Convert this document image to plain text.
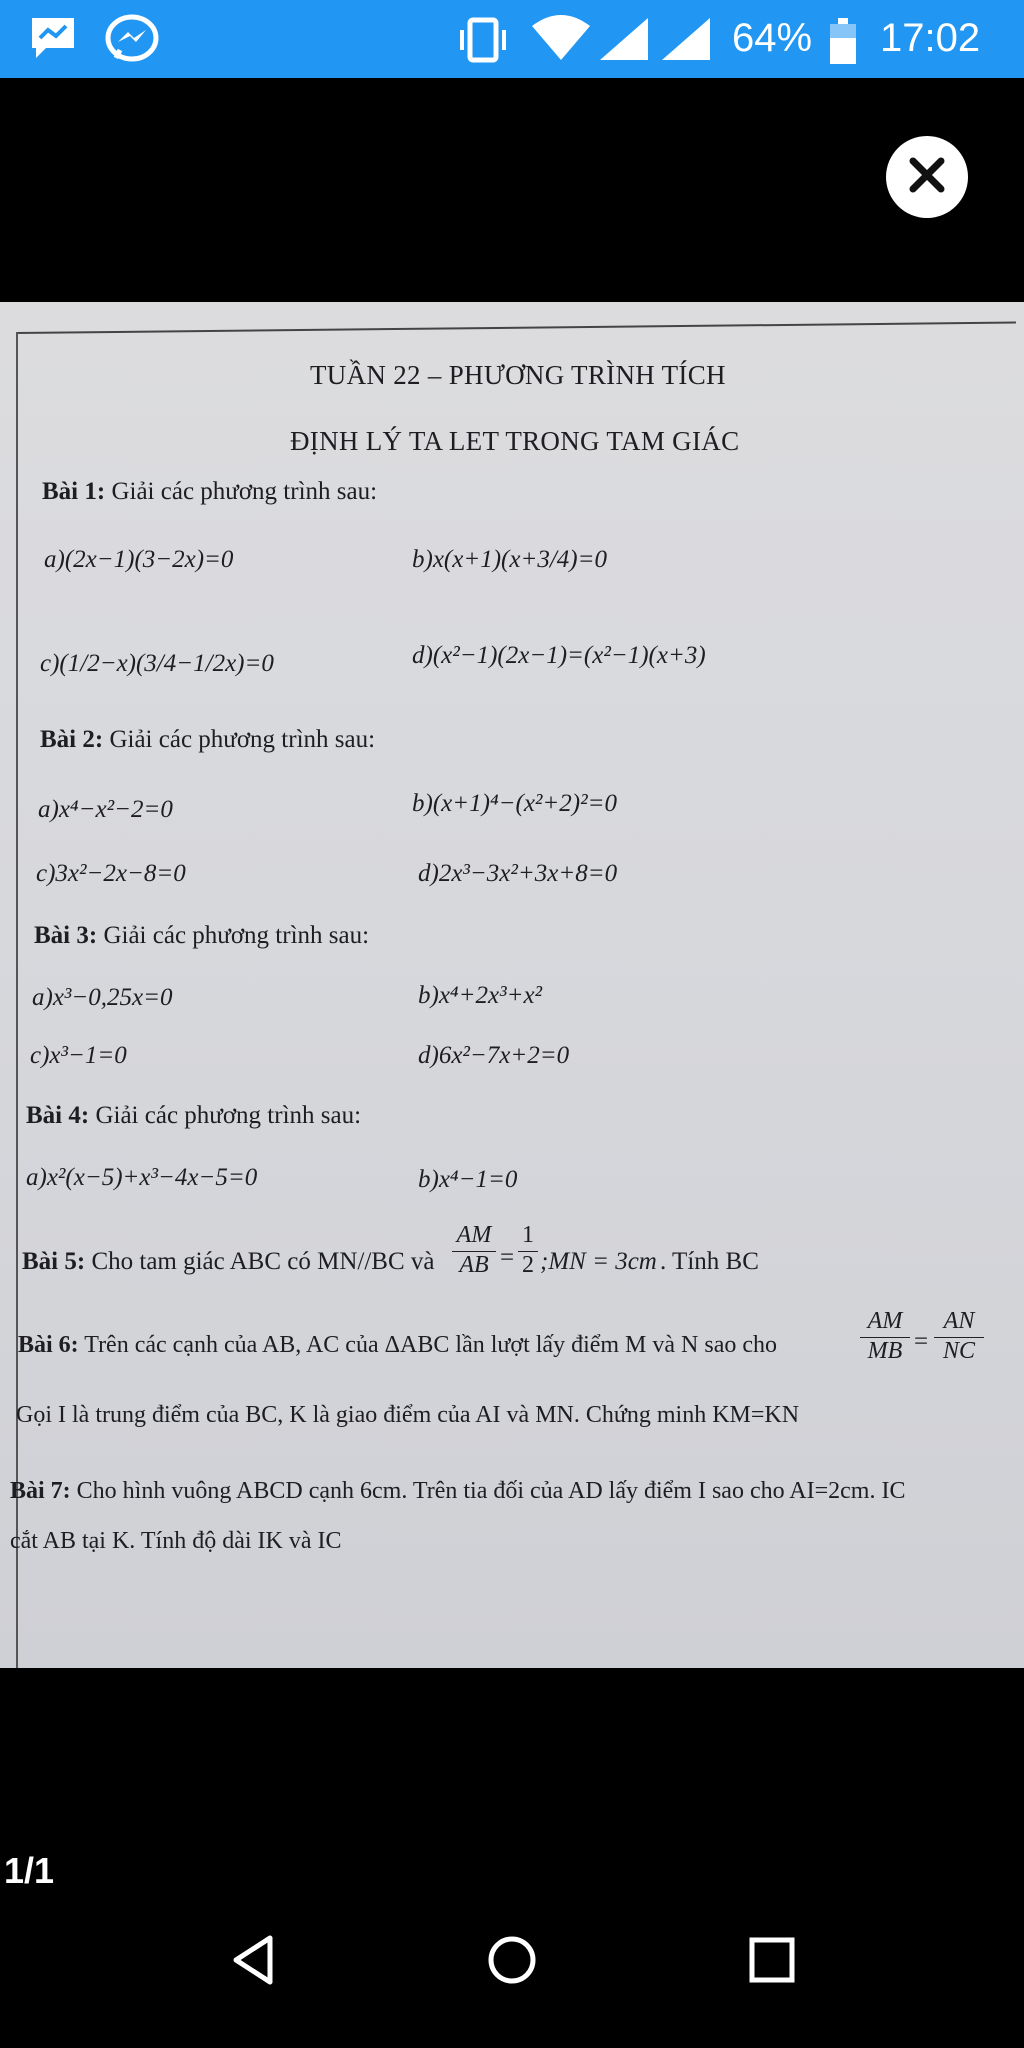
64% 17:02
TUẦN 22 – PHƯƠNG TRÌNH TÍCH
ĐỊNH LÝ TA LET TRONG TAM GIÁC
Bài 1: Giải các phương trình sau:
a)(2x−1)(3−2x)=0	b)x(x+1)(x+3/4)=0
c)(1/2−x)(3/4−1/2x)=0	d)(x²−1)(2x−1)=(x²−1)(x+3)
Bài 2: Giải các phương trình sau:
a)x⁴−x²−2=0	b)(x+1)⁴−(x²+2)²=0
c)3x²−2x−8=0	d)2x³−3x²+3x+8=0
Bài 3: Giải các phương trình sau:
a)x³−0,25x=0	b)x⁴+2x³+x²
c)x³−1=0	d)6x²−7x+2=0
Bài 4: Giải các phương trình sau:
a)x²(x−5)+x³−4x−5=0	b)x⁴−1=0
Bài 5: Cho tam giác ABC có MN//BC và $\frac{AM}{AB} = \frac{1}{2}$ ;MN = 3cm . Tính BC
Bài 6: Trên các cạnh của AB, AC của ΔABC lần lượt lấy điểm M và N sao cho	$\frac{AM}{MB} = \frac{AN}{NC}$
Gọi I là trung điểm của BC, K là giao điểm của AI và MN. Chứng minh KM=KN
Bài 7: Cho hình vuông ABCD cạnh 6cm. Trên tia đối của AD lấy điểm I sao cho AI=2cm. IC
cắt AB tại K. Tính độ dài IK và IC
1/1
